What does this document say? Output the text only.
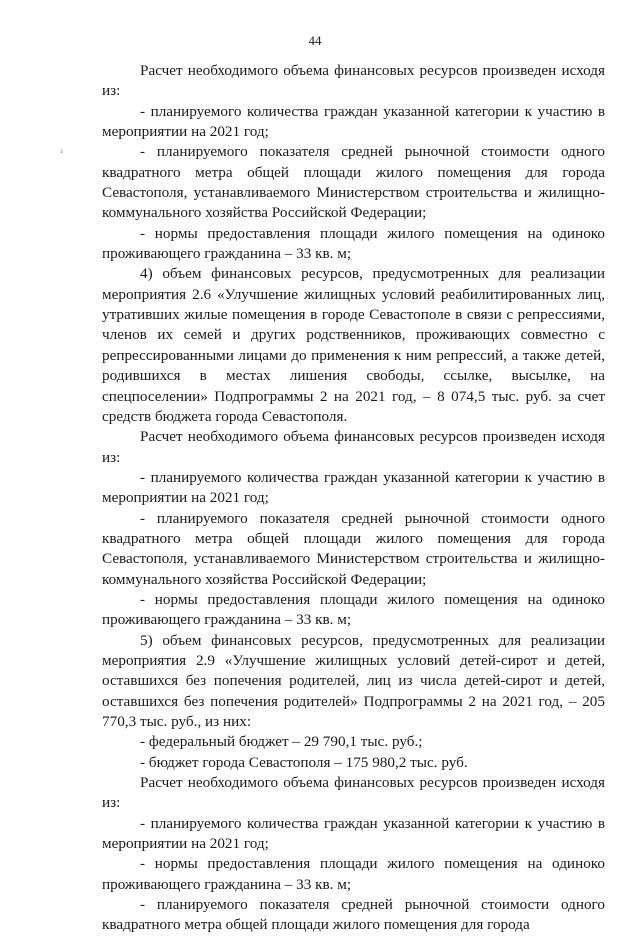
44
з

Расчет необходимого объема финансовых ресурсов произведен исходя из:

- планируемого количества граждан указанной категории к участию в мероприятии на 2021 год;

- планируемого показателя средней рыночной стоимости одного квадратного метра общей площади жилого помещения для города Севастополя, устанавливаемого Министерством строительства и жилищно-коммунального хозяйства Российской Федерации;

- нормы предоставления площади жилого помещения на одиноко проживающего гражданина – 33 кв. м;

4) объем финансовых ресурсов, предусмотренных для реализации мероприятия 2.6 «Улучшение жилищных условий реабилитированных лиц, утративших жилые помещения в городе Севастополе в связи с репрессиями, членов их семей и других родственников, проживающих совместно с репрессированными лицами до применения к ним репрессий, а также детей, родившихся в местах лишения свободы, ссылке, высылке, на спецпоселении» Подпрограммы 2 на 2021 год, – 8 074,5 тыс. руб. за счет средств бюджета города Севастополя.

Расчет необходимого объема финансовых ресурсов произведен исходя из:

- планируемого количества граждан указанной категории к участию в мероприятии на 2021 год;

- планируемого показателя средней рыночной стоимости одного квадратного метра общей площади жилого помещения для города Севастополя, устанавливаемого Министерством строительства и жилищно-коммунального хозяйства Российской Федерации;

- нормы предоставления площади жилого помещения на одиноко проживающего гражданина – 33 кв. м;

5) объем финансовых ресурсов, предусмотренных для реализации мероприятия 2.9 «Улучшение жилищных условий детей-сирот и детей, оставшихся без попечения родителей, лиц из числа детей-сирот и детей, оставшихся без попечения родителей» Подпрограммы 2 на 2021 год, – 205 770,3 тыс. руб., из них:

- федеральный бюджет – 29 790,1 тыс. руб.;

- бюджет города Севастополя – 175 980,2 тыс. руб.

Расчет необходимого объема финансовых ресурсов произведен исходя из:

- планируемого количества граждан указанной категории к участию в мероприятии на 2021 год;

- нормы предоставления площади жилого помещения на одиноко проживающего гражданина – 33 кв. м;

- планируемого показателя средней рыночной стоимости одного квадратного метра общей площади жилого помещения для города
